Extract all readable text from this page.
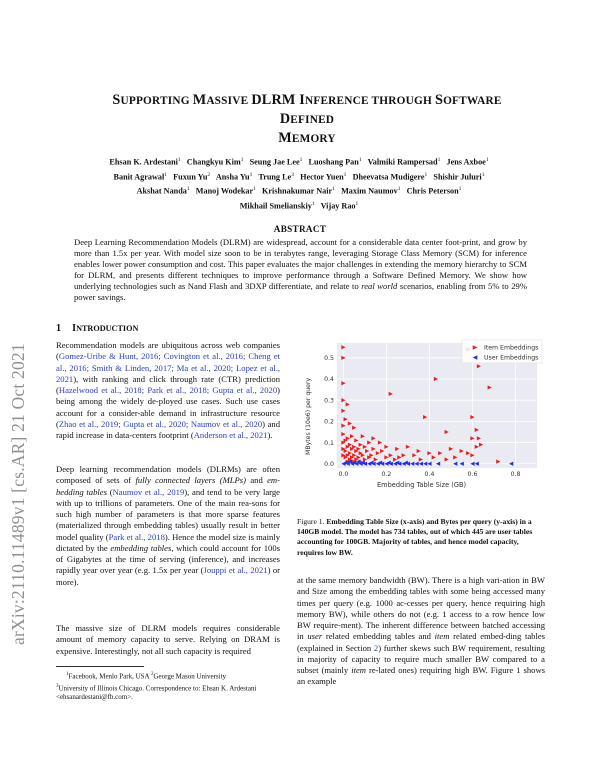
arXiv:2110.11489v1 [cs.AR] 21 Oct 2021
SUPPORTING MASSIVE DLRM INFERENCE THROUGH SOFTWARE DEFINED
MEMORY
Ehsan K. Ardestani$^1$ Changkyu Kim$^1$ Seung Jae Lee$^1$ Luoshang Pan$^1$ Valmiki Rampersad$^1$ Jens Axboe$^1$
Banit Agrawal$^1$ Fuxun Yu$^2$ Ansha Yu$^1$ Trung Le$^3$ Hector Yuen$^1$ Dheevatsa Mudigere$^1$ Shishir Juluri$^1$
Akshat Nanda$^1$ Manoj Wodekar$^1$ Krishnakumar Nair$^1$ Maxim Naumov$^1$ Chris Peterson$^1$
Mikhail Smelianskiy$^1$ Vijay Rao$^1$
ABSTRACT
Deep Learning Recommendation Models (DLRM) are widespread, account for a considerable data center foot-print, and grow by more than 1.5x per year. With model size soon to be in terabytes range, leveraging Storage Class Memory (SCM) for inference enables lower power consumption and cost. This paper evaluates the major challenges in extending the memory hierarchy to SCM for DLRM, and presents different techniques to improve performance through a Software Defined Memory. We show how underlying technologies such as Nand Flash and 3DXP differentiate, and relate to real world scenarios, enabling from 5% to 29% power savings.
1 INTRODUCTION
Recommendation models are ubiquitous across web companies (Gomez-Uribe & Hunt, 2016; Covington et al., 2016; Cheng et al., 2016; Smith & Linden, 2017; Ma et al., 2020; Lopez et al., 2021), with ranking and click through rate (CTR) prediction (Hazelwood et al., 2018; Park et al., 2018; Gupta et al., 2020) being among the widely de-ployed use cases. Such use cases account for a consider-able demand in infrastructure resource (Zhao et al., 2019; Gupta et al., 2020; Naumov et al., 2020) and rapid increase in data-centers footprint (Anderson et al., 2021).
Deep learning recommendation models (DLRMs) are often composed of sets of fully connected layers (MLPs) and em-bedding tables (Naumov et al., 2019), and tend to be very large with up to trillions of parameters. One of the main rea-sons for such high number of parameters is that more sparse features (materialized through embedding tables) usually result in better model quality (Park et al., 2018). Hence the model size is mainly dictated by the embedding tables, which could account for 100s of Gigabytes at the time of serving (inference), and increases rapidly year over year (e.g. 1.5x per year (Jouppi et al., 2021) or more).
The massive size of DLRM models requires considerable amount of memory capacity to serve. Relying on DRAM is expensive. Interestingly, not all such capacity is required
$^1$Facebook, Menlo Park, USA $^2$George Mason University
$^3$University of Illinois Chicago. Correspondence to: Ehsan K. Ardestani <ehsanardestani@fb.com>.
0.0	0.2	0.4	0.6	0.8
0.0
0.1
0.2
0.3
0.4
0.5
Item Embeddings
User Embeddings
Embedding Table Size (GB)
MBytes (10e6) per query
Figure 1. Embedding Table Size (x-axis) and Bytes per query (y-axis) in a 140GB model. The model has 734 tables, out of which 445 are user tables accounting for 100GB. Majority of tables, and hence model capacity, requires low BW.
at the same memory bandwidth (BW). There is a high vari-ation in BW and Size among the embedding tables with some being accessed many times per query (e.g. 1000 ac-cesses per query, hence requiring high memory BW), while others do not (e.g. 1 access to a row hence low BW require-ment). The inherent difference between batched accessing in user related embedding tables and item related embed-ding tables (explained in Section 2) further skews such BW requirement, resulting in majority of capacity to require much smaller BW compared to a subset (mainly item re-lated ones) requiring high BW. Figure 1 shows an example
